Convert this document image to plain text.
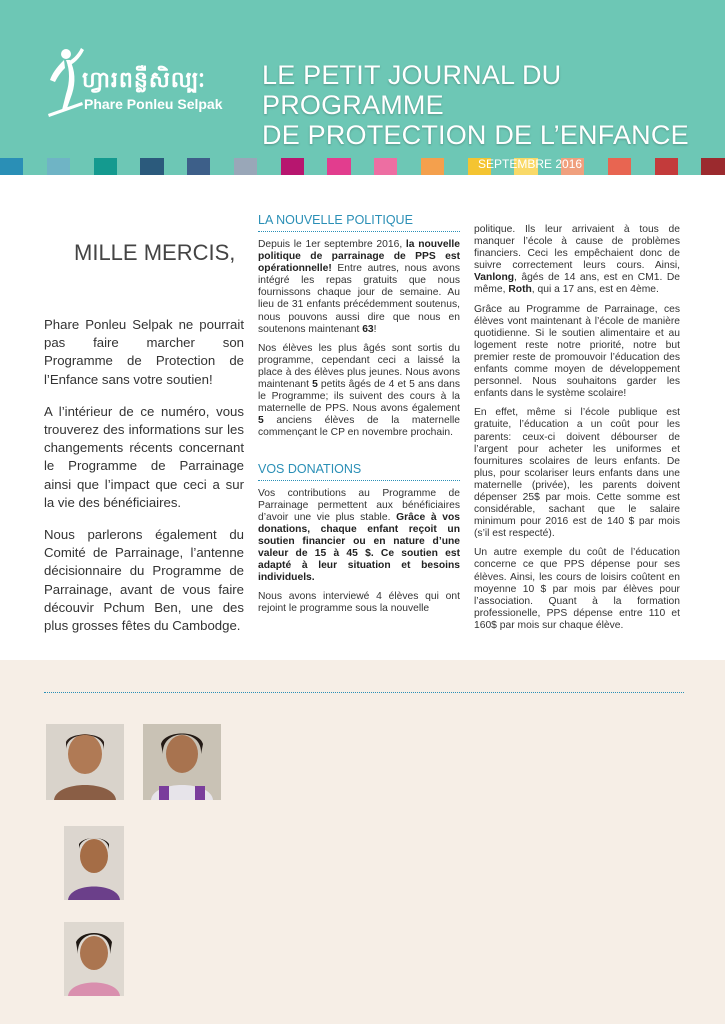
ហ្វារពន្លឺសិល្បៈ
Phare Ponleu Selpak
LE PETIT JOURNAL DU PROGRAMME
DE PROTECTION DE L’ENFANCE
SEPTEMBRE 2016
MILLE MERCIS,

Phare Ponleu Selpak ne pourrait pas faire marcher son Programme de Protection de l’Enfance sans votre soutien!

A l’intérieur de ce numéro, vous trouverez des informations sur les changements récents concernant le Programme de Parrainage ainsi que l’impact que ceci a sur la vie des bénéficiaires.

Nous parlerons également du Comité de Parrainage, l’antenne décisionnaire du Programme de Parrainage, avant de vous faire découvir Pchum Ben, une des plus grosses fêtes du Cambodge.

LA NOUVELLE POLITIQUE

Depuis le 1er septembre 2016, la nouvelle politique de parrainage de PPS est opérationnelle! Entre autres, nous avons intégré les repas gratuits que nous fournissons chaque jour de semaine. Au lieu de 31 enfants précédemment soutenus, nous pouvons aussi dire que nous en soutenons maintenant 63!

Nos élèves les plus âgés sont sortis du programme, cependant ceci a laissé la place à des élèves plus jeunes. Nous avons maintenant 5 petits âgés de 4 et 5 ans dans le Programme; ils suivent des cours à la maternelle de PPS. Nous avons également 5 anciens élèves de la maternelle commençant le CP en novembre prochain.

VOS DONATIONS

Vos contributions au Programme de Parrainage permettent aux bénéficiaires d’avoir une vie plus stable. Grâce à vos donations, chaque enfant reçoit un soutien financier ou en nature d’une valeur de 15 à 45 $. Ce soutien est adapté à leur situation et besoins individuels.

Nous avons interviewé 4 élèves qui ont rejoint le programme sous la nouvelle

politique. Ils leur arrivaient à tous de manquer l’école à cause de problèmes financiers. Ceci les empêchaient donc de suivre correctement leurs cours. Ainsi, Vanlong, âgés de 14 ans, est en CM1. De même, Roth, qui a 17 ans, est en 4ème.

Grâce au Programme de Parrainage, ces élèves vont maintenant à l’école de manière quotidienne. Si le soutien alimentaire et au logement reste notre priorité, notre but premier reste de promouvoir l’éducation des enfants comme moyen de développement personnel. Nous souhaitons garder les enfants dans le système scolaire!

En effet, même si l’école publique est gratuite, l’éducation a un coût pour les parents: ceux-ci doivent débourser de l’argent pour acheter les uniformes et fournitures scolaires de leurs enfants. De plus, pour scolariser leurs enfants dans une maternelle (privée), les parents doivent dépenser 25$ par mois. Cette somme est considérable, sachant que le salaire minimum pour 2016 est de 140 $ par mois (s’il est respecté).

Un autre exemple du coût de l’éducation concerne ce que PPS dépense pour ses élèves. Ainsi, les cours de loisirs coûtent en moyenne 10 $ par mois par élèves pour l’association. Quant à la formation professionelle, PPS dépense entre 110 et 160$ par mois sur chaque élève.
